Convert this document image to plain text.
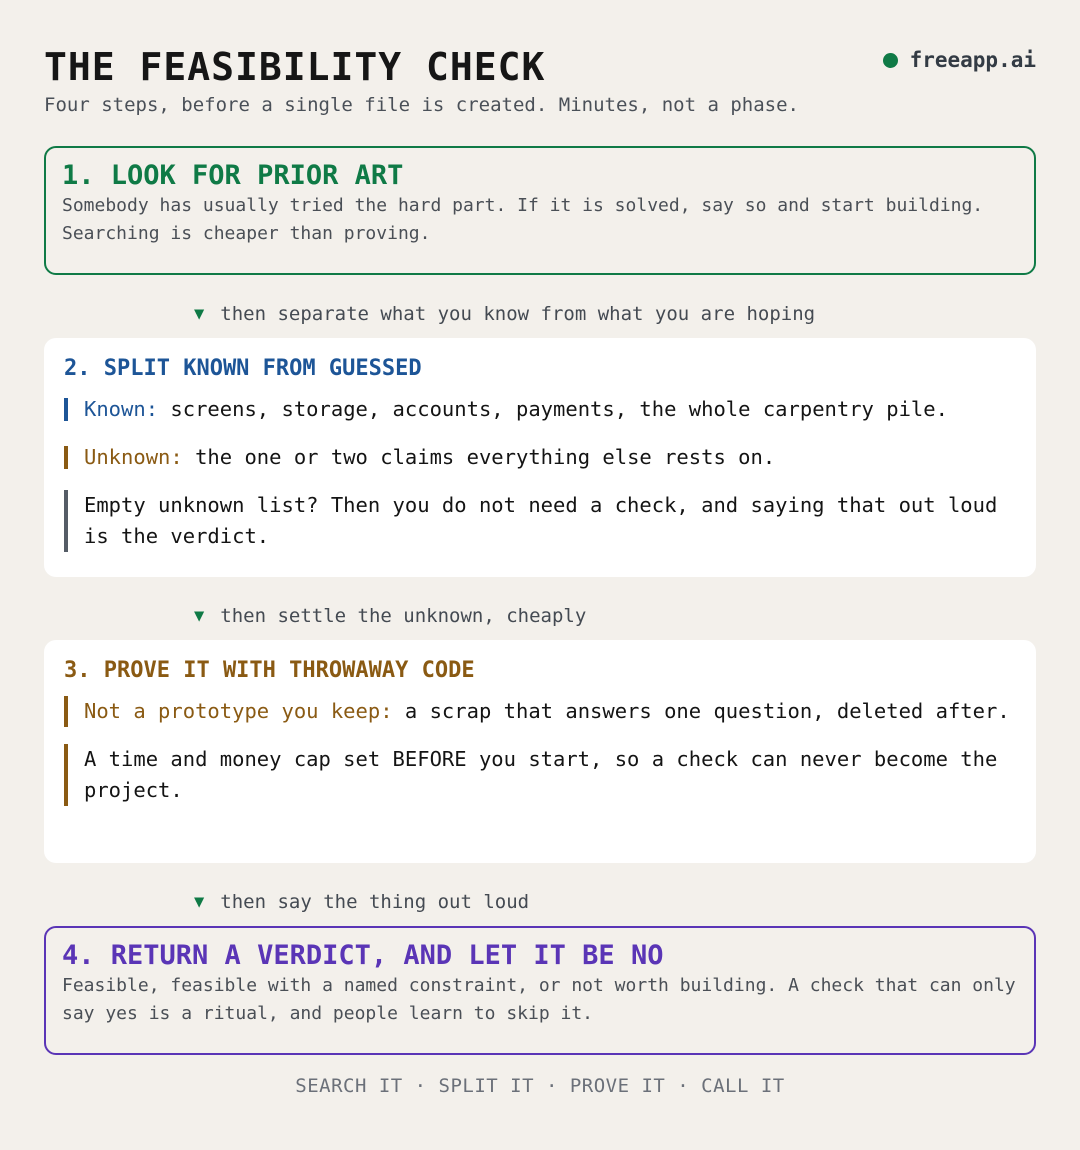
THE FEASIBILITY CHECK	freeapp.ai

Four steps, before a single file is created. Minutes, not a phase.

1. LOOK FOR PRIOR ART

Somebody has usually tried the hard part. If it is solved, say so and start building. Searching is cheaper than proving.

▼ then separate what you know from what you are hoping
2. SPLIT KNOWN FROM GUESSED
Known: screens, storage, accounts, payments, the whole carpentry pile.
Unknown: the one or two claims everything else rests on.
Empty unknown list? Then you do not need a check, and saying that out loud is the verdict.
▼ then settle the unknown, cheaply
3. PROVE IT WITH THROWAWAY CODE
Not a prototype you keep: a scrap that answers one question, deleted after.
A time and money cap set BEFORE you start, so a check can never become the project.
▼ then say the thing out loud
4. RETURN A VERDICT, AND LET IT BE NO

Feasible, feasible with a named constraint, or not worth building. A check that can only say yes is a ritual, and people learn to skip it.

SEARCH IT · SPLIT IT · PROVE IT · CALL IT
